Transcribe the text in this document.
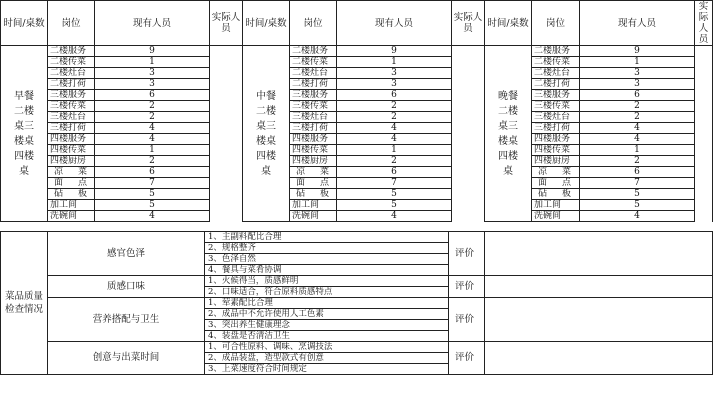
时间/桌数	岗位	现有人员	实际人员	时间/桌数	岗位	现有人员	实际人员	时间/桌数	岗位	现有人员	实际人员
早餐二楼桌三楼桌四楼桌	二楼服务	9		中餐二楼桌三楼桌四楼桌	二楼服务	9		晚餐二楼桌三楼桌四楼桌	二楼服务	9	
	二楼传菜	1			二楼传菜	1			二楼传菜	1	
	二楼灶台	3			二楼灶台	3			二楼灶台	3	
	二楼打荷	3			二楼打荷	3			二楼打荷	3	
	三楼服务	6			三楼服务	6			三楼服务	6	
	三楼传菜	2			三楼传菜	2			三楼传菜	2	
	三楼灶台	2			三楼灶台	2			三楼灶台	2	
	三楼打荷	4			三楼打荷	4			三楼打荷	4	
	四楼服务	4			四楼服务	4			四楼服务	4	
	四楼传菜	1			四楼传菜	1			四楼传菜	1	
	四楼厨房	2			四楼厨房	2			四楼厨房	2	
	凉　菜	6			凉　菜	6			凉　菜	6	
	面　点	7			面　点	7			面　点	7	
	砧　板	5			砧　板	5			砧　板	5	
	加工间	5			加工间	5			加工间	5	
	洗碗间	4			洗碗间	4			洗碗间	4	
菜品质量检查情况	感官色泽	1、主副料配比合理	评价	
		2、规格整齐		
		3、色泽自然		
		4、餐具与菜肴协调		
	质感口味	1、火候得当，质感鲜明	评价	
		2、口味适合，符合原料质感特点		
	营养搭配与卫生	1、荤素配比合理	评价	
		2、成品中不允许使用人工色素		
		3、突出养生健康理念		
		4、装盘是否清洁卫生		
	创意与出菜时间	1、可合性原料、调味、烹调技法	评价	
		2、成品装盘，造型款式有创意		
		3、上菜速度符合时间规定		
